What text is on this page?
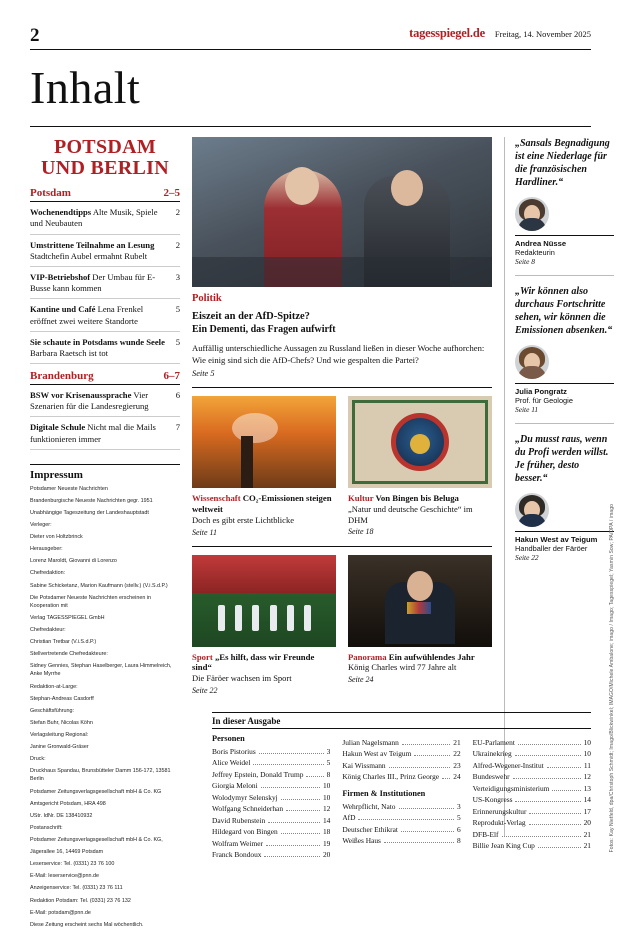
2	tagesspiegel.de Freitag, 14. November 2025
Inhalt
POTSDAM
UND BERLIN
Potsdam	2–5
Wochenendtipps Alte Musik, Spiele und Neubauten
2
Umstrittene Teilnahme an Lesung Stadtchefin Aubel ermahnt Rubelt
2
VIP-Betriebshof Der Umbau für E-Busse kann kommen
3
Kantine und Café Lena Frenkel eröffnet zwei weitere Standorte
5
Sie schaute in Potsdams wunde Seele Barbara Raetsch ist tot
5
Brandenburg	6–7
BSW vor Krisenaussprache Vier Szenarien für die Landesregierung
6
Digitale Schule Nicht mal die Mails funktionieren immer
7
Impressum

Potsdamer Neueste Nachrichten

Brandenburgische Neueste Nachrichten gegr. 1951

Unabhängige Tageszeitung der Landeshauptstadt

Verleger:

Dieter von Holtzbrinck

Herausgeber:

Lorenz Maroldt, Giovanni di Lorenzo

Chefredaktion:

Sabine Schicketanz, Marion Kaufmann (stellv.) (V.i.S.d.P.)

Die Potsdamer Neueste Nachrichten erscheinen in Kooperation mit

Verlag TAGESSPIEGEL GmbH

Chefredakteur:

Christian Tretbar (V.i.S.d.P.)

Stellvertretende Chefredakteure:

Sidney Gennies, Stephan Haselberger, Laura Himmelreich, Anke Myrrhe

Redaktion-at-Large:

Stephan-Andreas Casdorff

Geschäftsführung:

Stefan Buhr, Nicolas Köhn

Verlagsleitung Regional:

Janine Gronwald-Gräser

Druck:

Druckhaus Spandau, Brunsbütteler Damm 156-172, 13581 Berlin

Potsdamer Zeitungsverlagsgesellschaft mbH & Co. KG

Amtsgericht Potsdam, HRA 498

UStr. IdNr. DE 138410932

Postanschrift:

Potsdamer Zeitungsverlagsgesellschaft mbH & Co. KG,

Jägerallee 16, 14469 Potsdam

Leserservice: Tel. (0331) 23 76 100

E-Mail: leserservice@pnn.de

Anzeigenservice: Tel. (0331) 23 76 111

Redaktion Potsdam: Tel. (0331) 23 76 132

E-Mail: potsdam@pnn.de

Diese Zeitung erscheint sechs Mal wöchentlich.

Politik
Eiszeit an der AfD-Spitze?
Ein Dementi, das Fragen aufwirft
Auffällig unterschiedliche Aussagen zu Russland ließen in dieser Woche aufhorchen: Wie einig sind sich die AfD-Chefs? Und wie gespalten die Partei?
Seite 5
Wissenschaft CO₂-Emissionen steigen weltweit
Doch es gibt erste Lichtblicke
Seite 11
Kultur Von Bingen bis Beluga
„Natur und deutsche Geschichte“ im DHM
Seite 18
Sport „Es hilft, dass wir Freunde sind“
Die Färöer wachsen im Sport
Seite 22
Panorama Ein aufwühlendes Jahr
König Charles wird 77 Jahre alt
Seite 24
„Sansals Begnadigung ist eine Niederlage für die französischen Hardliner.“
Andrea Nüsse
Redakteurin
Seite 8
„Wir können also durchaus Fortschritte sehen, wir können die Emissionen absenken.“
Julia Pongratz
Prof. für Geologie
Seite 11
„Du musst raus, wenn du Profi werden willst. Je früher, desto besser.“
Hakun West av Teigum
Handballer der Färöer
Seite 22
In dieser Ausgabe
Personen
Boris Pistorius	3
Alice Weidel	5
Jeffrey Epstein, Donald Trump	8
Giorgia Meloni	10
Wolodymyr Selenskyj	10
Wolfgang Schneiderhan	12
David Rubenstein	14
Hildegard von Bingen	18
Wolfram Weimer	19
Franck Bondoux	20
Julian Nagelsmann	21
Hakun West av Teigum	22
Kai Wissmann	23
König Charles III., Prinz George 24
Firmen & Institutionen
Wehrpflicht, Nato	3
AfD	5
Deutscher Ethikrat	6
Weißes Haus	8
EU-Parlament	10
Ukrainekrieg	10
Alfred-Wegener-Institut	11
Bundeswehr	12
Verteidigungsministerium	13
US-Kongress	14
Erinnerungskultur	17
Reprodukt-Verlag	20
DFB-Elf	21
Billie Jean King Cup	21	Fotos: Kay Nietfeld, dpa/Christoph Schmidt; Imago/Blickwinkel; IMAGO/Michele Ambalone; imago / Imago; Tagesspiegel; Yasmin Sow; PA/DPA / imago
